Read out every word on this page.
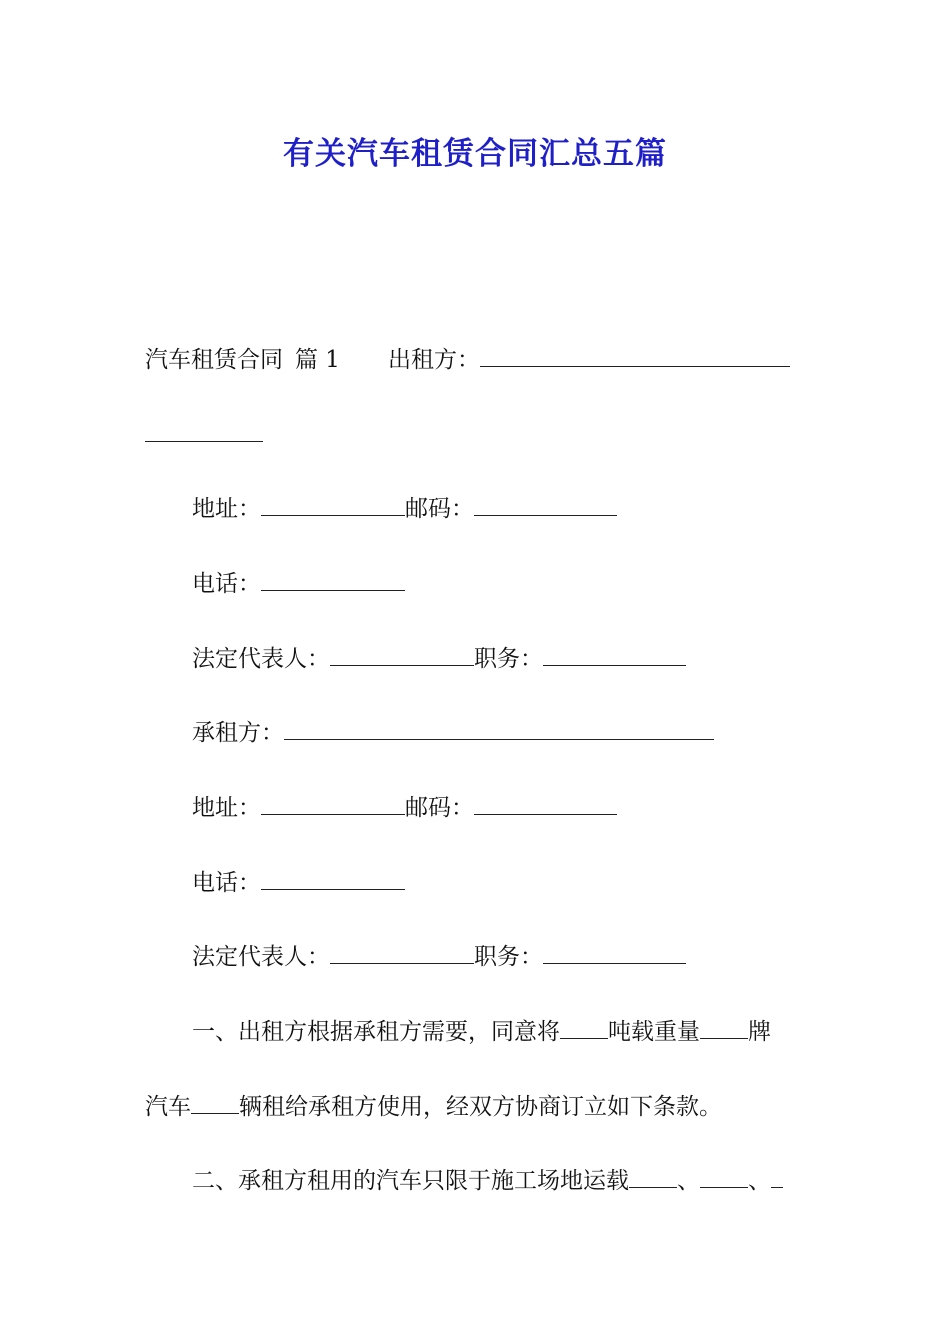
有关汽车租赁合同汇总五篇
汽车租赁合同 篇 1 出租方：
地址：	邮码：
电话：
法定代表人：	职务：
承租方：
地址：	邮码：
电话：
法定代表人：	职务：
一、出租方根据承租方需要，同意将 吨载重量 牌
汽车 辆租给承租方使用，经双方协商订立如下条款。
二、承租方租用的汽车只限于施工场地运载 、 、
